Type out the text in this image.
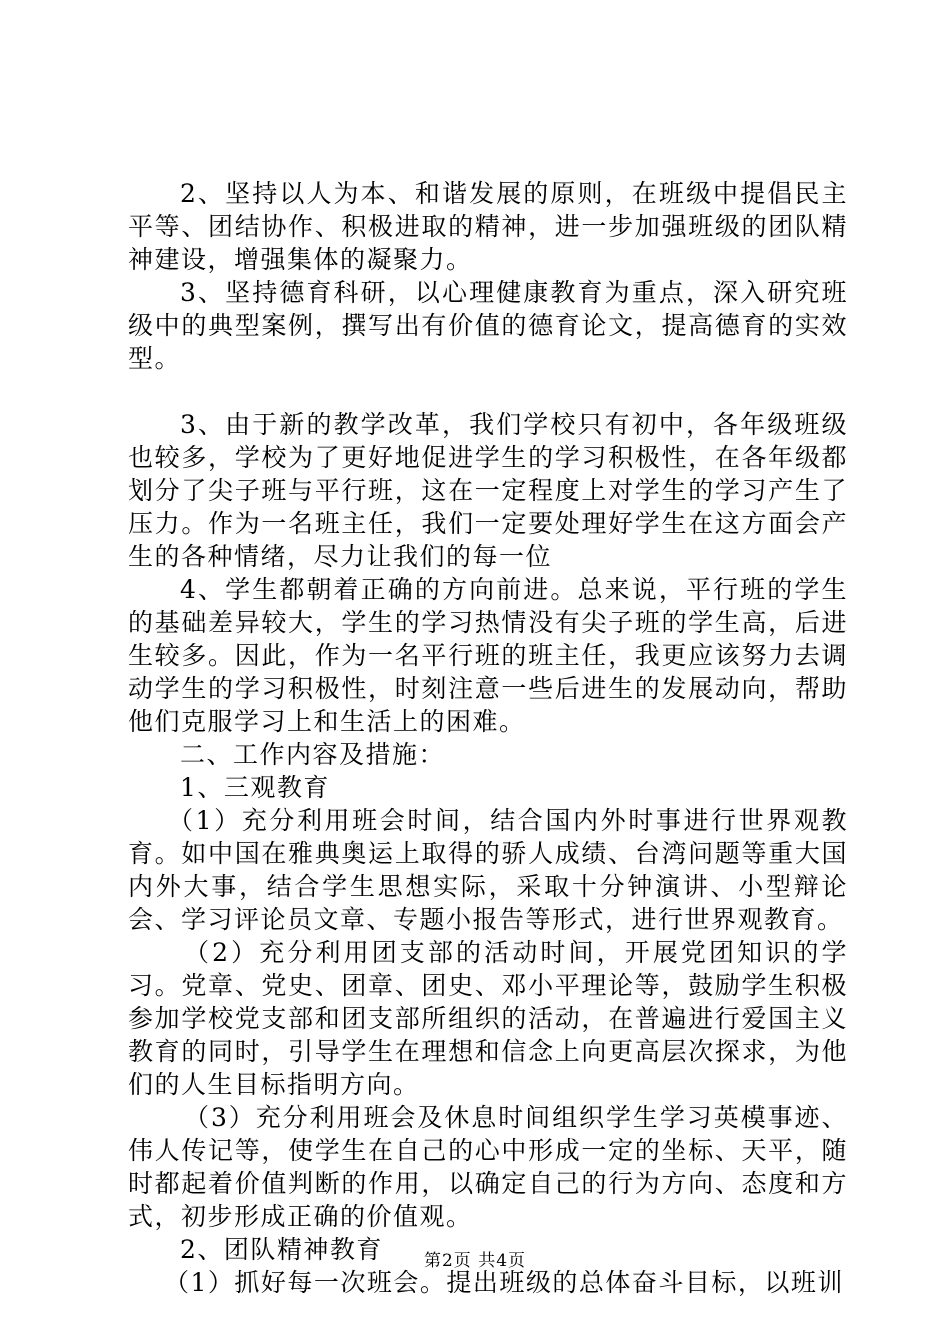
2、坚持以人为本、和谐发展的原则，在班级中提倡民主平等、团结协作、积极进取的精神，进一步加强班级的团队精神建设，增强集体的凝聚力。

3、坚持德育科研，以心理健康教育为重点，深入研究班级中的典型案例，撰写出有价值的德育论文，提高德育的实效型。

3、由于新的教学改革，我们学校只有初中，各年级班级也较多，学校为了更好地促进学生的学习积极性，在各年级都划分了尖子班与平行班，这在一定程度上对学生的学习产生了压力。作为一名班主任，我们一定要处理好学生在这方面会产生的各种情绪，尽力让我们的每一位

4、学生都朝着正确的方向前进。总来说，平行班的学生的基础差异较大，学生的学习热情没有尖子班的学生高，后进生较多。因此，作为一名平行班的班主任，我更应该努力去调动学生的学习积极性，时刻注意一些后进生的发展动向，帮助他们克服学习上和生活上的困难。

二、工作内容及措施：

1、三观教育

（1）充分利用班会时间，结合国内外时事进行世界观教育。如中国在雅典奥运上取得的骄人成绩、台湾问题等重大国内外大事，结合学生思想实际，采取十分钟演讲、小型辩论会、学习评论员文章、专题小报告等形式，进行世界观教育。

（2）充分利用团支部的活动时间，开展党团知识的学习。党章、党史、团章、团史、邓小平理论等，鼓励学生积极参加学校党支部和团支部所组织的活动，在普遍进行爱国主义教育的同时，引导学生在理想和信念上向更高层次探求，为他们的人生目标指明方向。

（3）充分利用班会及休息时间组织学生学习英模事迹、伟人传记等，使学生在自己的心中形成一定的坐标、天平，随时都起着价值判断的作用，以确定自己的行为方向、态度和方式，初步形成正确的价值观。

2、团队精神教育

（1）抓好每一次班会。提出班级的总体奋斗目标，以班训

第2页 共4页
